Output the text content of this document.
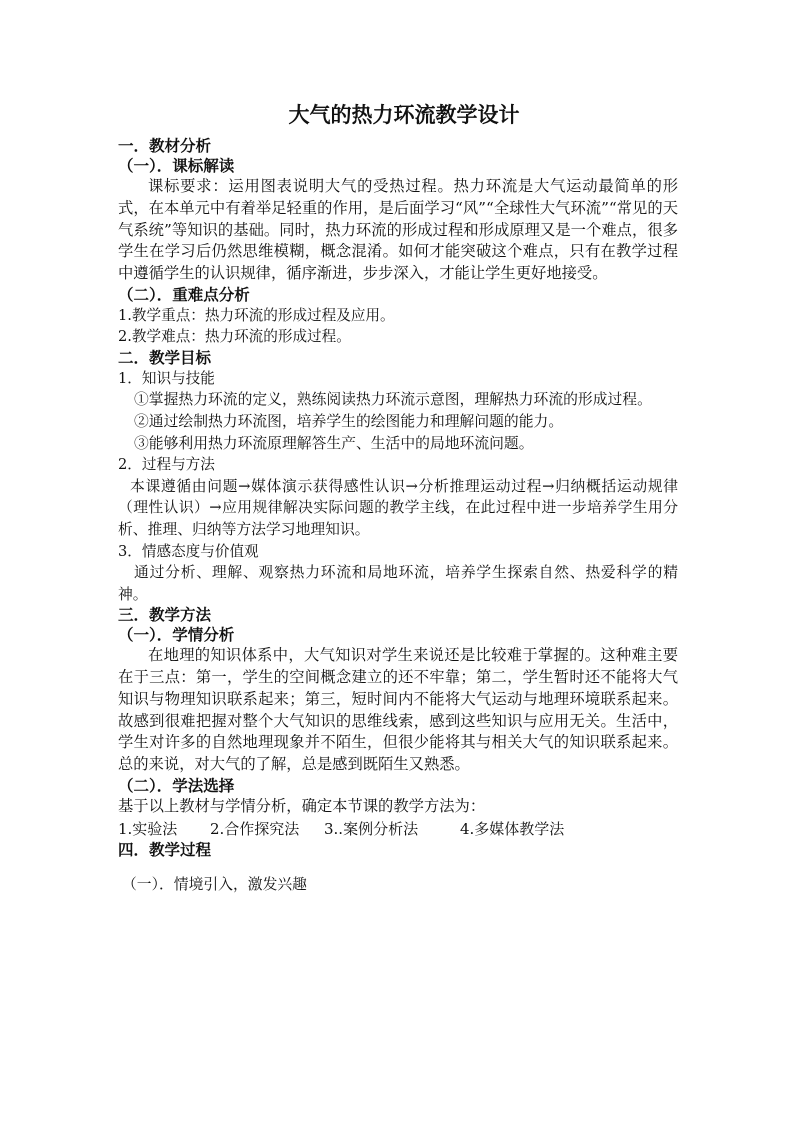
大气的热力环流教学设计
一．教材分析
（一）．课标解读

课标要求：运用图表说明大气的受热过程。热力环流是大气运动最简单的形式，在本单元中有着举足轻重的作用，是后面学习“风”“全球性大气环流”“常见的天气系统”等知识的基础。同时，热力环流的形成过程和形成原理又是一个难点，很多学生在学习后仍然思维模糊，概念混淆。如何才能突破这个难点，只有在教学过程中遵循学生的认识规律，循序渐进，步步深入，才能让学生更好地接受。

（二）．重难点分析

1.教学重点：热力环流的形成过程及应用。

2.教学难点：热力环流的形成过程。

二．教学目标

1．知识与技能

①掌握热力环流的定义，熟练阅读热力环流示意图，理解热力环流的形成过程。

②通过绘制热力环流图，培养学生的绘图能力和理解问题的能力。

③能够利用热力环流原理解答生产、生活中的局地环流问题。

2．过程与方法

本课遵循由问题→媒体演示获得感性认识→分析推理运动过程→归纳概括运动规律（理性认识）→应用规律解决实际问题的教学主线，在此过程中进一步培养学生用分析、推理、归纳等方法学习地理知识。

3．情感态度与价值观

通过分析、理解、观察热力环流和局地环流，培养学生探索自然、热爱科学的精神。

三．教学方法
（一）．学情分析

在地理的知识体系中，大气知识对学生来说还是比较难于掌握的。这种难主要在于三点：第一，学生的空间概念建立的还不牢靠；第二，学生暂时还不能将大气知识与物理知识联系起来；第三，短时间内不能将大气运动与地理环境联系起来。故感到很难把握对整个大气知识的思维线索，感到这些知识与应用无关。生活中，学生对许多的自然地理现象并不陌生，但很少能将其与相关大气的知识联系起来。总的来说，对大气的了解，总是感到既陌生又熟悉。

（二）．学法选择

基于以上教材与学情分析，确定本节课的教学方法为：

1.实验法	2.合作探究法	3..案例分析法	4.多媒体教学法
四．教学过程

（一）．情境引入，激发兴趣
